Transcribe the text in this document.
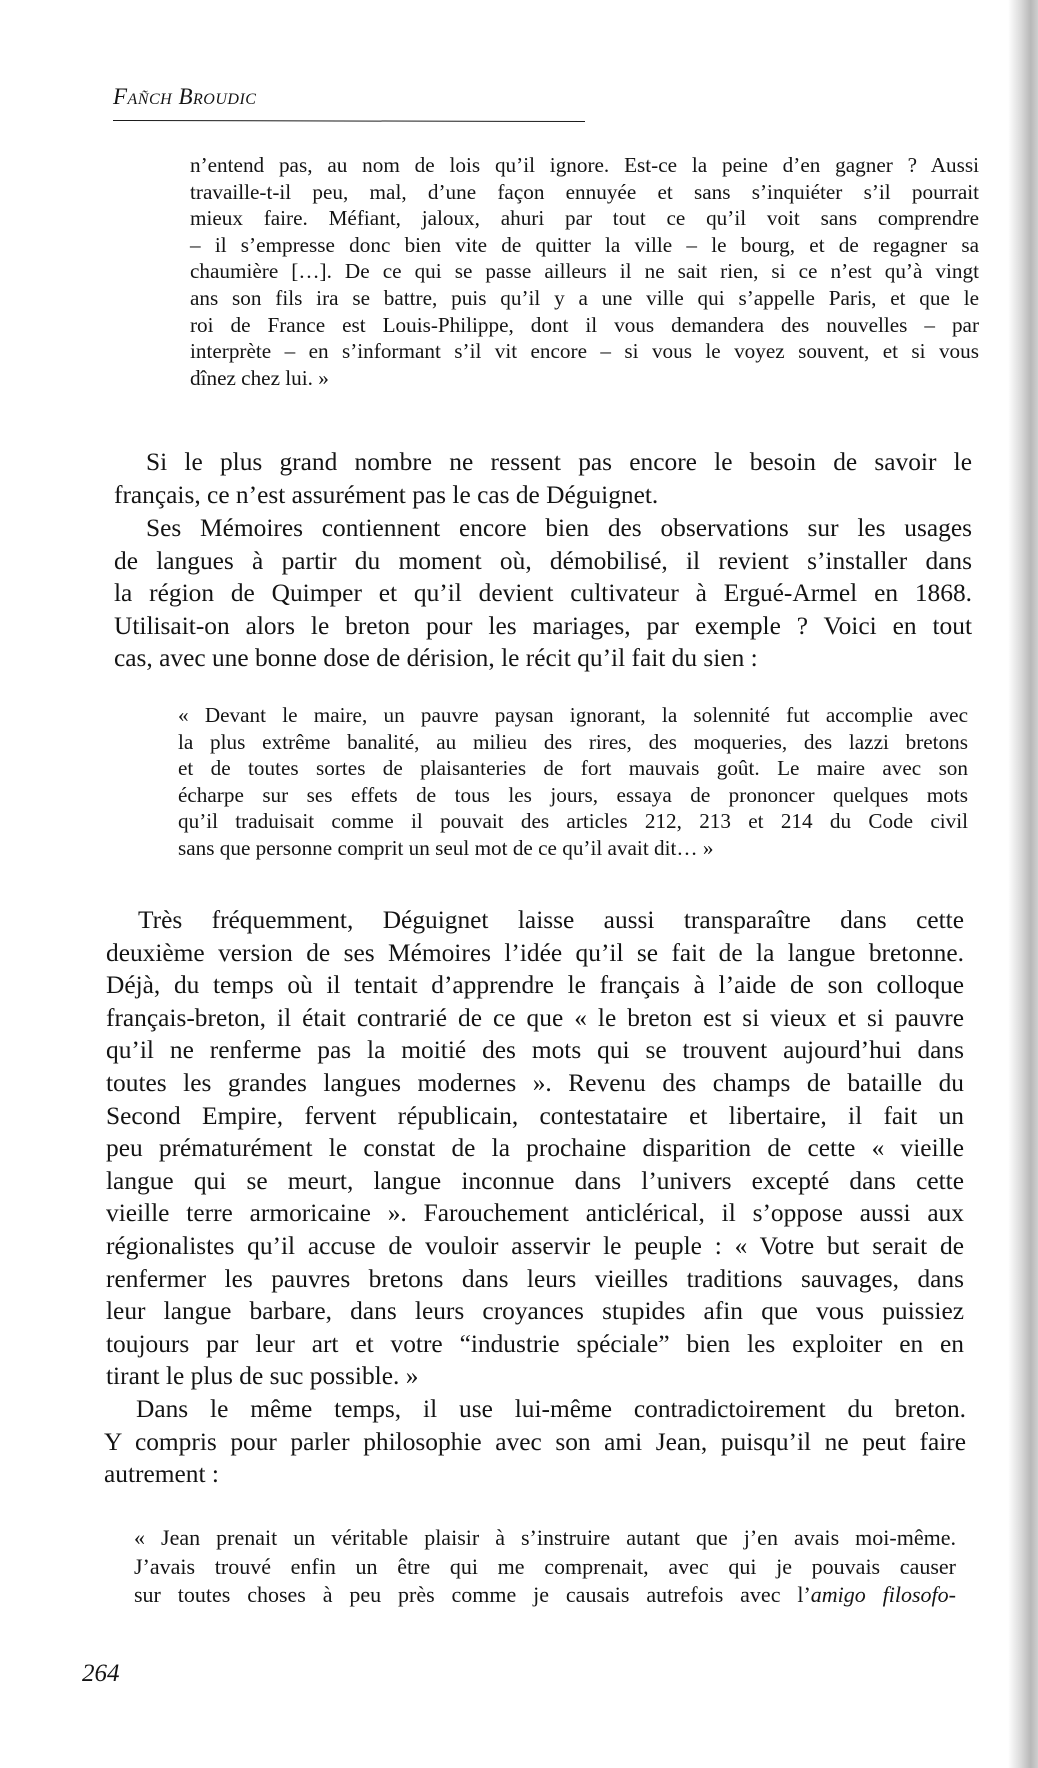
Fañch Broudic
n’entend pas, au nom de lois qu’il ignore. Est-ce la peine d’en gagner ? Aussi
travaille-t-il peu, mal, d’une façon ennuyée et sans s’inquiéter s’il pourrait
mieux faire. Méfiant, jaloux, ahuri par tout ce qu’il voit sans comprendre
– il s’empresse donc bien vite de quitter la ville – le bourg, et de regagner sa
chaumière […]. De ce qui se passe ailleurs il ne sait rien, si ce n’est qu’à vingt
ans son fils ira se battre, puis qu’il y a une ville qui s’appelle Paris, et que le
roi de France est Louis-Philippe, dont il vous demandera des nouvelles – par
interprète – en s’informant s’il vit encore – si vous le voyez souvent, et si vous
dînez chez lui. »
Si le plus grand nombre ne ressent pas encore le besoin de savoir le
français, ce n’est assurément pas le cas de Déguignet.
Ses Mémoires contiennent encore bien des observations sur les usages
de langues à partir du moment où, démobilisé, il revient s’installer dans
la région de Quimper et qu’il devient cultivateur à Ergué-Armel en 1868.
Utilisait-on alors le breton pour les mariages, par exemple ? Voici en tout
cas, avec une bonne dose de dérision, le récit qu’il fait du sien :
« Devant le maire, un pauvre paysan ignorant, la solennité fut accomplie avec
la plus extrême banalité, au milieu des rires, des moqueries, des lazzi bretons
et de toutes sortes de plaisanteries de fort mauvais goût. Le maire avec son
écharpe sur ses effets de tous les jours, essaya de prononcer quelques mots
qu’il traduisait comme il pouvait des articles 212, 213 et 214 du Code civil
sans que personne comprit un seul mot de ce qu’il avait dit… »
Très fréquemment, Déguignet laisse aussi transparaître dans cette
deuxième version de ses Mémoires l’idée qu’il se fait de la langue bretonne.
Déjà, du temps où il tentait d’apprendre le français à l’aide de son colloque
français-breton, il était contrarié de ce que « le breton est si vieux et si pauvre
qu’il ne renferme pas la moitié des mots qui se trouvent aujourd’hui dans
toutes les grandes langues modernes ». Revenu des champs de bataille du
Second Empire, fervent républicain, contestataire et libertaire, il fait un
peu prématurément le constat de la prochaine disparition de cette « vieille
langue qui se meurt, langue inconnue dans l’univers excepté dans cette
vieille terre armoricaine ». Farouchement anticlérical, il s’oppose aussi aux
régionalistes qu’il accuse de vouloir asservir le peuple : « Votre but serait de
renfermer les pauvres bretons dans leurs vieilles traditions sauvages, dans
leur langue barbare, dans leurs croyances stupides afin que vous puissiez
toujours par leur art et votre “industrie spéciale” bien les exploiter en en
tirant le plus de suc possible. »
Dans le même temps, il use lui-même contradictoirement du breton.
Y compris pour parler philosophie avec son ami Jean, puisqu’il ne peut faire
autrement :
« Jean prenait un véritable plaisir à s’instruire autant que j’en avais moi-même.
J’avais trouvé enfin un être qui me comprenait, avec qui je pouvais causer
sur toutes choses à peu près comme je causais autrefois avec l’amigo filosofo-
264
